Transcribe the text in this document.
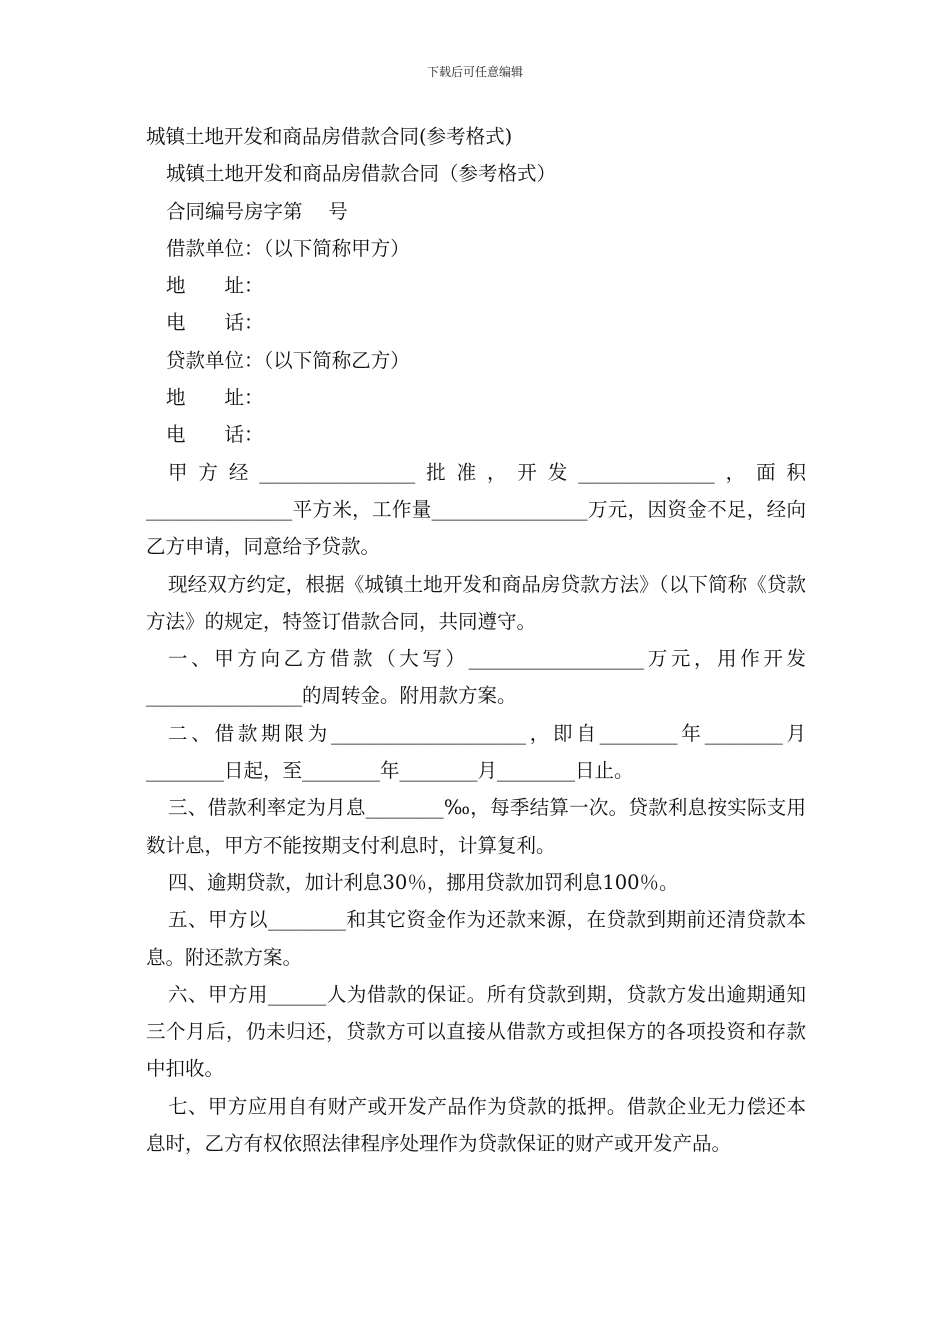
下载后可任意编辑

城镇土地开发和商品房借款合同(参考格式)

城镇土地开发和商品房借款合同（参考格式）

合同编号房字第　 号

借款单位：（以下简称甲方）

地　　址：

电　　话：

贷款单位：（以下简称乙方）

地　　址：

电　　话：

甲方经________________批准，开发______________，面积_______________平方米，工作量________________万元，因资金不足，经向乙方申请，同意给予贷款。

现经双方约定，根据《城镇土地开发和商品房贷款方法》（以下简称《贷款方法》的规定，特签订借款合同，共同遵守。

一、甲方向乙方借款（大写）__________________万元，用作开发________________的周转金。附用款方案。

二、借款期限为____________________，即自________年________月________日起，至________年________月________日止。

三、借款利率定为月息________‰，每季结算一次。贷款利息按实际支用数计息，甲方不能按期支付利息时，计算复利。

四、逾期贷款，加计利息30％，挪用贷款加罚利息100％。

五、甲方以________和其它资金作为还款来源，在贷款到期前还清贷款本息。附还款方案。

六、甲方用______人为借款的保证。所有贷款到期，贷款方发出逾期通知三个月后，仍未归还，贷款方可以直接从借款方或担保方的各项投资和存款中扣收。

七、甲方应用自有财产或开发产品作为贷款的抵押。借款企业无力偿还本息时，乙方有权依照法律程序处理作为贷款保证的财产或开发产品。
